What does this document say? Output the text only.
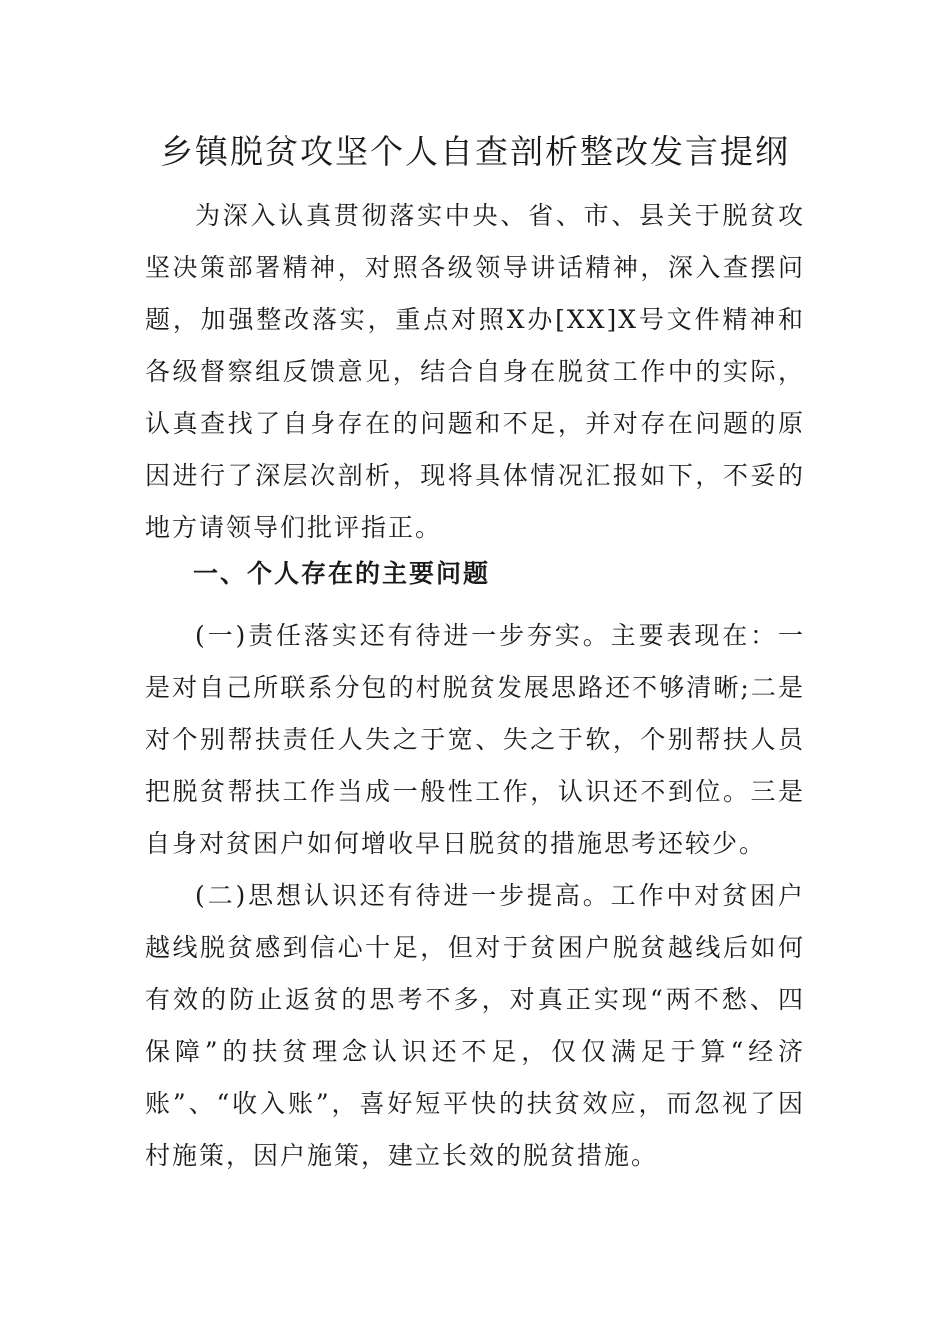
乡镇脱贫攻坚个人自查剖析整改发言提纲

为深入认真贯彻落实中央、省、市、县关于脱贫攻坚决策部署精神，对照各级领导讲话精神，深入查摆问题，加强整改落实，重点对照X办[XX]X号文件精神和各级督察组反馈意见，结合自身在脱贫工作中的实际，认真查找了自身存在的问题和不足，并对存在问题的原因进行了深层次剖析，现将具体情况汇报如下，不妥的地方请领导们批评指正。

一、个人存在的主要问题

(一)责任落实还有待进一步夯实。主要表现在：一是对自己所联系分包的村脱贫发展思路还不够清晰;二是对个别帮扶责任人失之于宽、失之于软，个别帮扶人员把脱贫帮扶工作当成一般性工作，认识还不到位。三是自身对贫困户如何增收早日脱贫的措施思考还较少。

(二)思想认识还有待进一步提高。工作中对贫困户越线脱贫感到信心十足，但对于贫困户脱贫越线后如何有效的防止返贫的思考不多，对真正实现“两不愁、四保障”的扶贫理念认识还不足，仅仅满足于算“经济账”、“收入账”，喜好短平快的扶贫效应，而忽视了因村施策，因户施策，建立长效的脱贫措施。
